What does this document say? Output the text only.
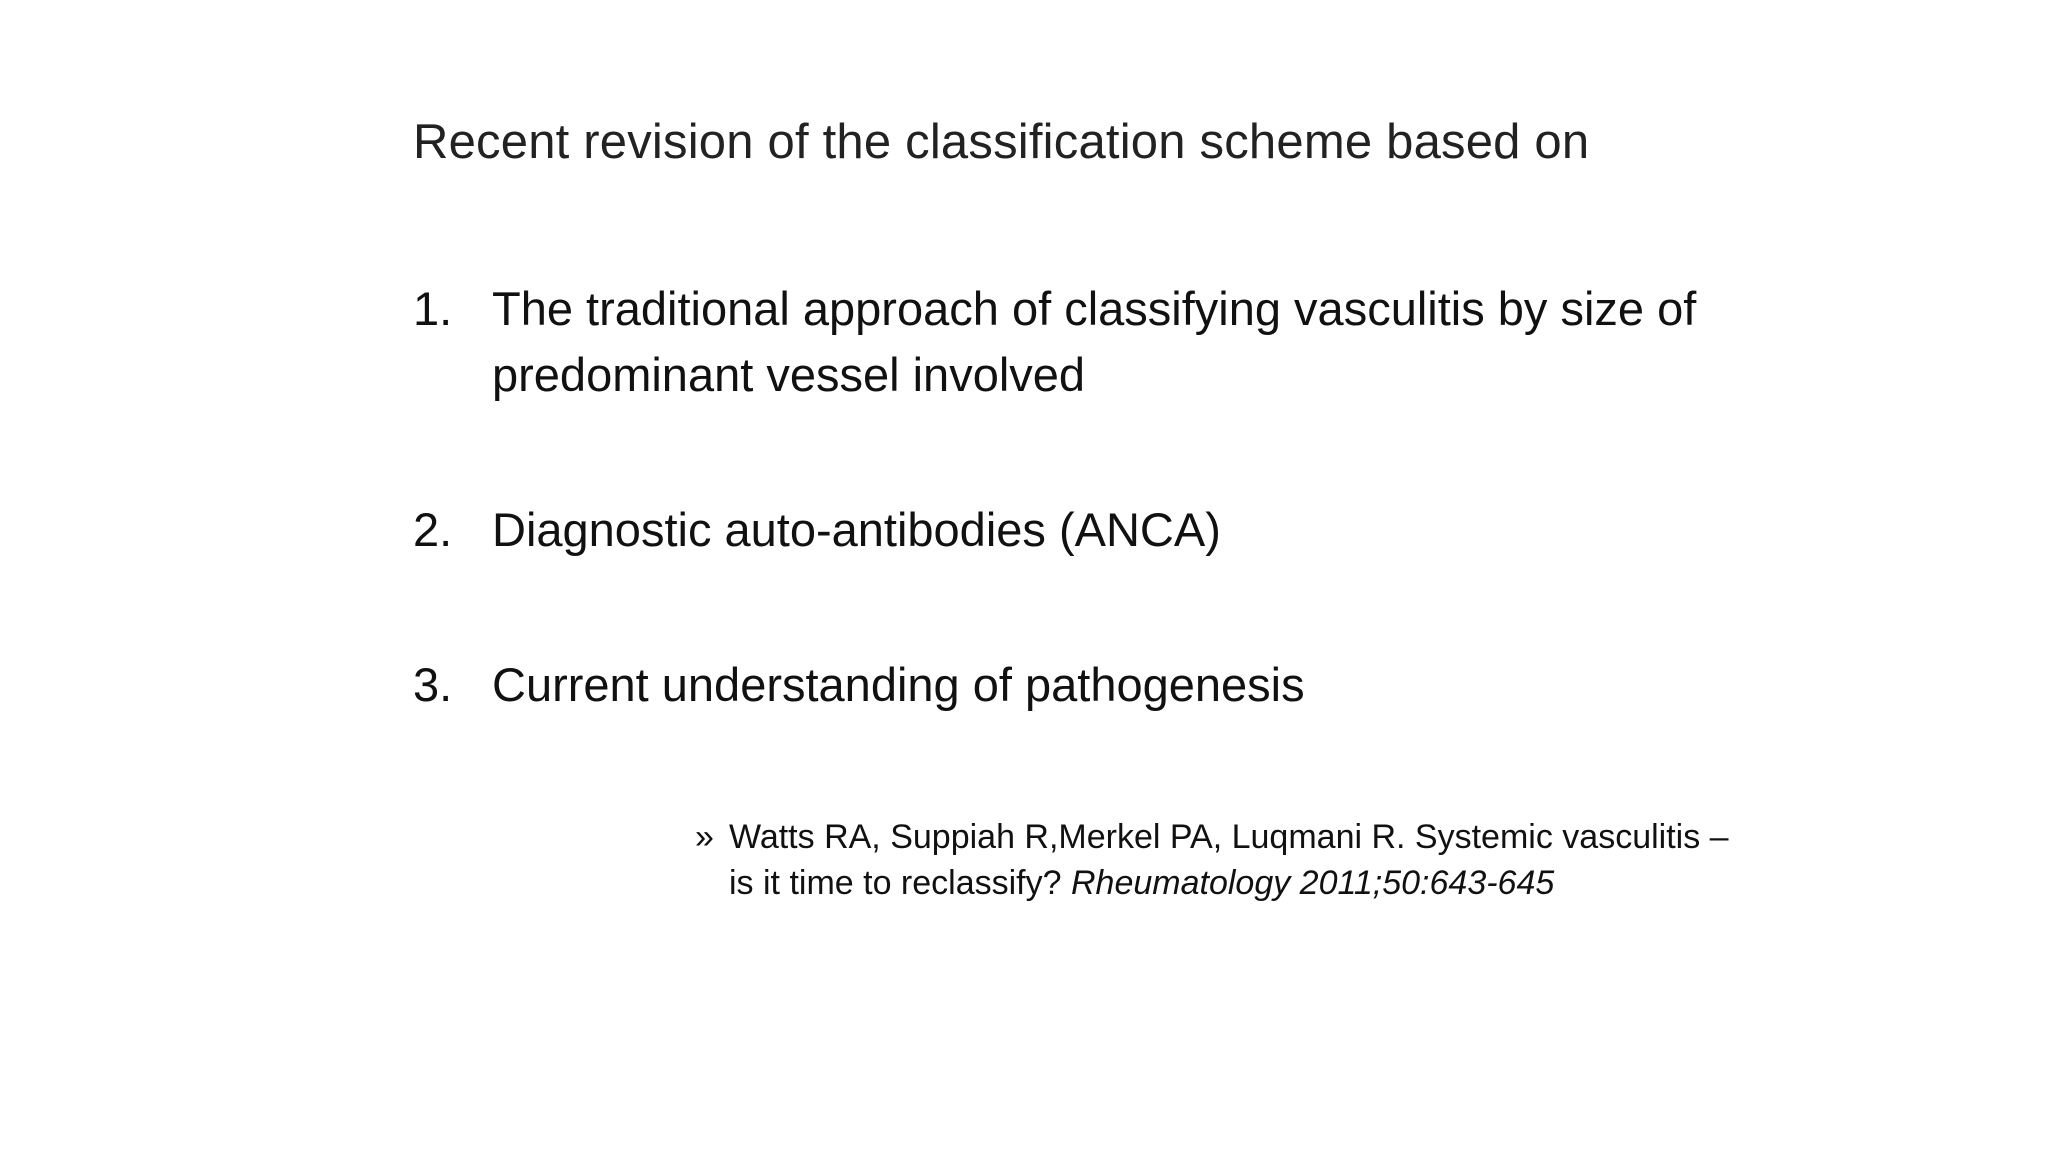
Recent revision of the classification scheme based on
1. The traditional approach of classifying vasculitis by size of predominant vessel involved
2. Diagnostic auto-antibodies (ANCA)
3. Current understanding of pathogenesis
» Watts RA, Suppiah R,Merkel PA, Luqmani R. Systemic vasculitis – is it time to reclassify? Rheumatology 2011;50:643-645
